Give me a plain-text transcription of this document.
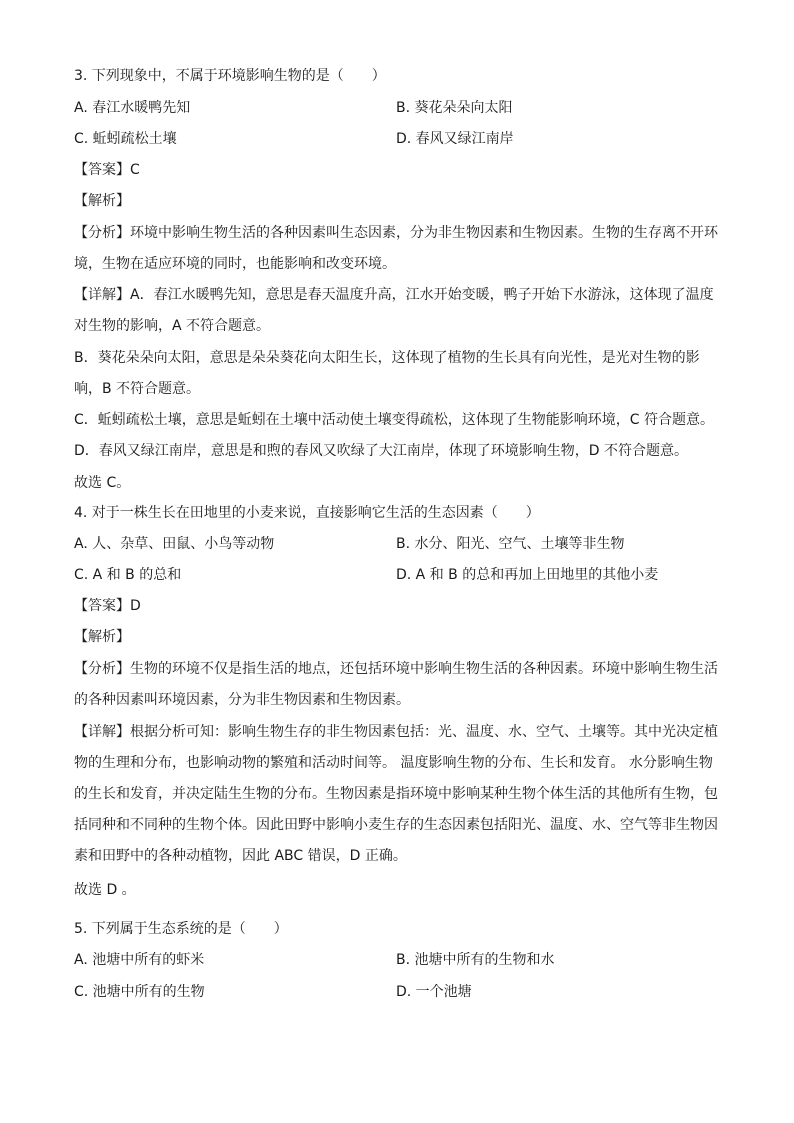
3. 下列现象中，不属于环境影响生物的是（　　）
A. 春江水暖鸭先知	B. 葵花朵朵向太阳
C. 蚯蚓疏松土壤	D. 春风又绿江南岸
【答案】C
【解析】
【分析】环境中影响生物生活的各种因素叫生态因素，分为非生物因素和生物因素。生物的生存离不开环
境，生物在适应环境的同时，也能影响和改变环境。
【详解】A．春江水暖鸭先知，意思是春天温度升高，江水开始变暖，鸭子开始下水游泳，这体现了温度
对生物的影响，A 不符合题意。
B．葵花朵朵向太阳，意思是朵朵葵花向太阳生长，这体现了植物的生长具有向光性，是光对生物的影
响，B 不符合题意。
C．蚯蚓疏松土壤，意思是蚯蚓在土壤中活动使土壤变得疏松，这体现了生物能影响环境，C 符合题意。
D．春风又绿江南岸，意思是和煦的春风又吹绿了大江南岸，体现了环境影响生物，D 不符合题意。
故选 C。
4. 对于一株生长在田地里的小麦来说，直接影响它生活的生态因素（　　）
A. 人、杂草、田鼠、小鸟等动物	B. 水分、阳光、空气、土壤等非生物
C. A 和 B 的总和	D. A 和 B 的总和再加上田地里的其他小麦
【答案】D
【解析】
【分析】生物的环境不仅是指生活的地点，还包括环境中影响生物生活的各种因素。环境中影响生物生活
的各种因素叫环境因素，分为非生物因素和生物因素。
【详解】根据分析可知：影响生物生存的非生物因素包括：光、温度、水、空气、土壤等。其中光决定植
物的生理和分布，也影响动物的繁殖和活动时间等。 温度影响生物的分布、生长和发育。 水分影响生物
的生长和发育，并决定陆生生物的分布。生物因素是指环境中影响某种生物个体生活的其他所有生物，包
括同种和不同种的生物个体。因此田野中影响小麦生存的生态因素包括阳光、温度、水、空气等非生物因
素和田野中的各种动植物，因此 ABC 错误，D 正确。
故选 D 。
5. 下列属于生态系统的是（　　）
A. 池塘中所有的虾米	B. 池塘中所有的生物和水
C. 池塘中所有的生物	D. 一个池塘
